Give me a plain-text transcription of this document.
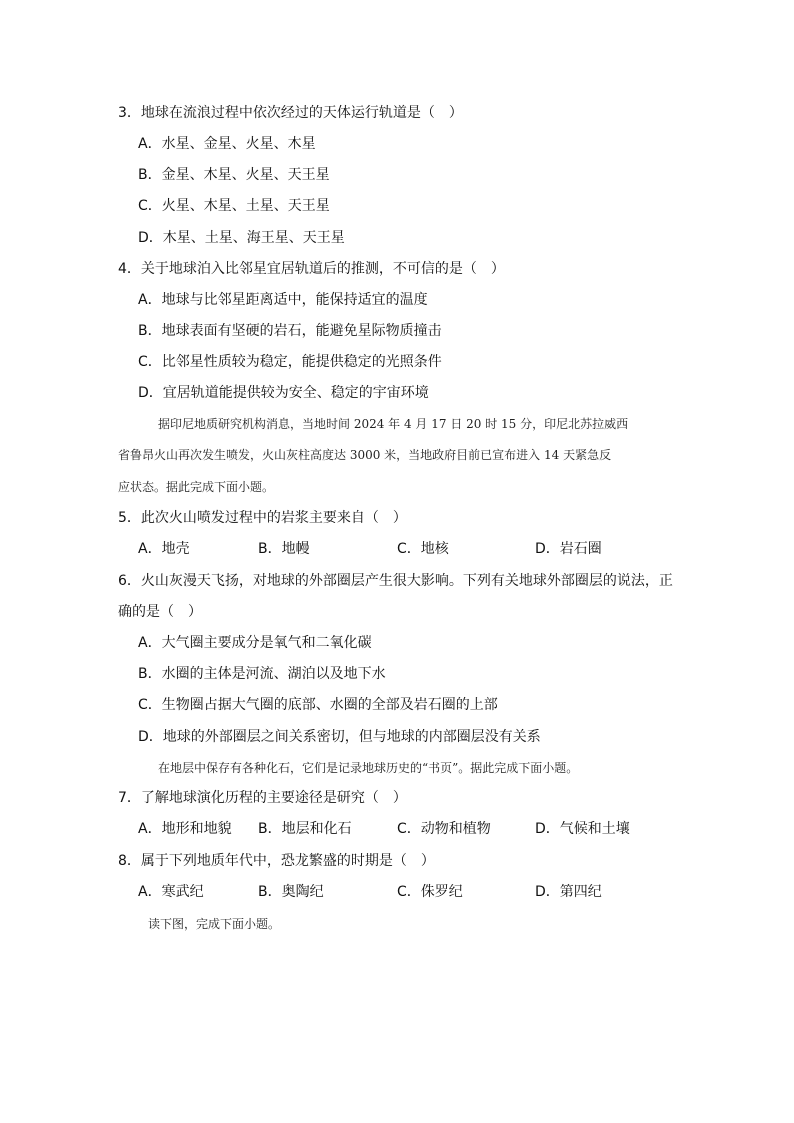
3．地球在流浪过程中依次经过的天体运行轨道是（　）
A．水星、金星、火星、木星
B．金星、木星、火星、天王星
C．火星、木星、土星、天王星
D．木星、土星、海王星、天王星
4．关于地球泊入比邻星宜居轨道后的推测，不可信的是（　）
A．地球与比邻星距离适中，能保持适宜的温度
B．地球表面有坚硬的岩石，能避免星际物质撞击
C．比邻星性质较为稳定，能提供稳定的光照条件
D．宜居轨道能提供较为安全、稳定的宇宙环境
据印尼地质研究机构消息，当地时间 2024 年 4 月 17 日 20 时 15 分，印尼北苏拉威西
省鲁昂火山再次发生喷发，火山灰柱高度达 3000 米，当地政府目前已宣布进入 14 天紧急反
应状态。据此完成下面小题。
5．此次火山喷发过程中的岩浆主要来自（　）
A．地壳	B．地幔	C．地核	D．岩石圈
6．火山灰漫天飞扬，对地球的外部圈层产生很大影响。下列有关地球外部圈层的说法，正
确的是（　）
A．大气圈主要成分是氧气和二氧化碳
B．水圈的主体是河流、湖泊以及地下水
C．生物圈占据大气圈的底部、水圈的全部及岩石圈的上部
D．地球的外部圈层之间关系密切，但与地球的内部圈层没有关系
在地层中保存有各种化石，它们是记录地球历史的“书页”。据此完成下面小题。
7．了解地球演化历程的主要途径是研究（　）
A．地形和地貌 B．地层和化石	C．动物和植物	D．气候和土壤
8．属于下列地质年代中，恐龙繁盛的时期是（　）
A．寒武纪	B．奥陶纪	C．侏罗纪	D．第四纪
读下图，完成下面小题。
